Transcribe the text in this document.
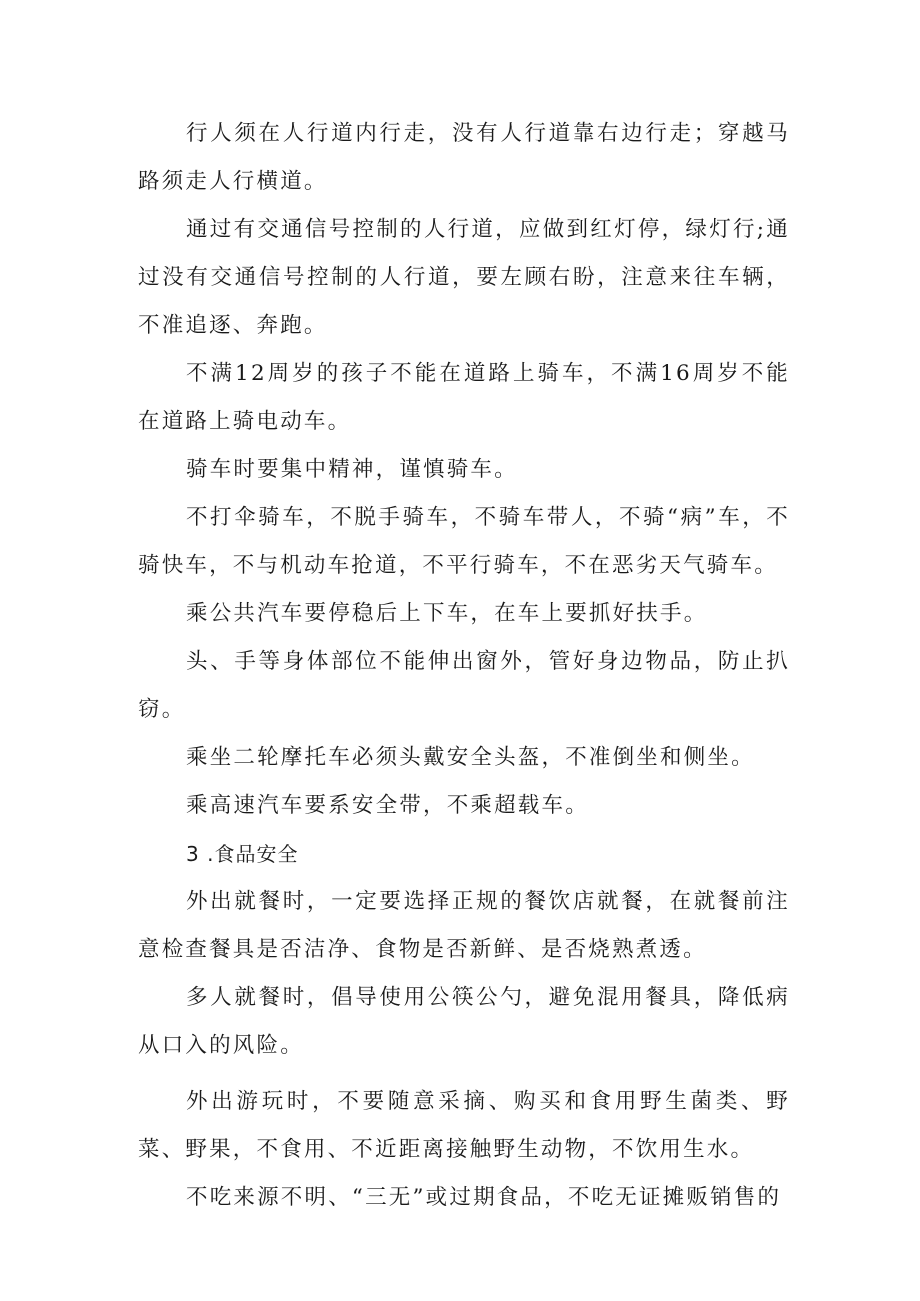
行人须在人行道内行走，没有人行道靠右边行走；穿越马路须走人行横道。

通过有交通信号控制的人行道，应做到红灯停，绿灯行;通过没有交通信号控制的人行道，要左顾右盼，注意来往车辆，不准追逐、奔跑。

不满12周岁的孩子不能在道路上骑车，不满16周岁不能在道路上骑电动车。

骑车时要集中精神，谨慎骑车。

不打伞骑车，不脱手骑车，不骑车带人，不骑“病”车，不骑快车，不与机动车抢道，不平行骑车，不在恶劣天气骑车。

乘公共汽车要停稳后上下车，在车上要抓好扶手。

头、手等身体部位不能伸出窗外，管好身边物品，防止扒窃。

乘坐二轮摩托车必须头戴安全头盔，不准倒坐和侧坐。

乘高速汽车要系安全带，不乘超载车。

3 .食品安全

外出就餐时，一定要选择正规的餐饮店就餐，在就餐前注意检查餐具是否洁净、食物是否新鲜、是否烧熟煮透。

多人就餐时，倡导使用公筷公勺，避免混用餐具，降低病从口入的风险。

外出游玩时，不要随意采摘、购买和食用野生菌类、野菜、野果，不食用、不近距离接触野生动物，不饮用生水。

不吃来源不明、“三无”或过期食品，不吃无证摊贩销售的
